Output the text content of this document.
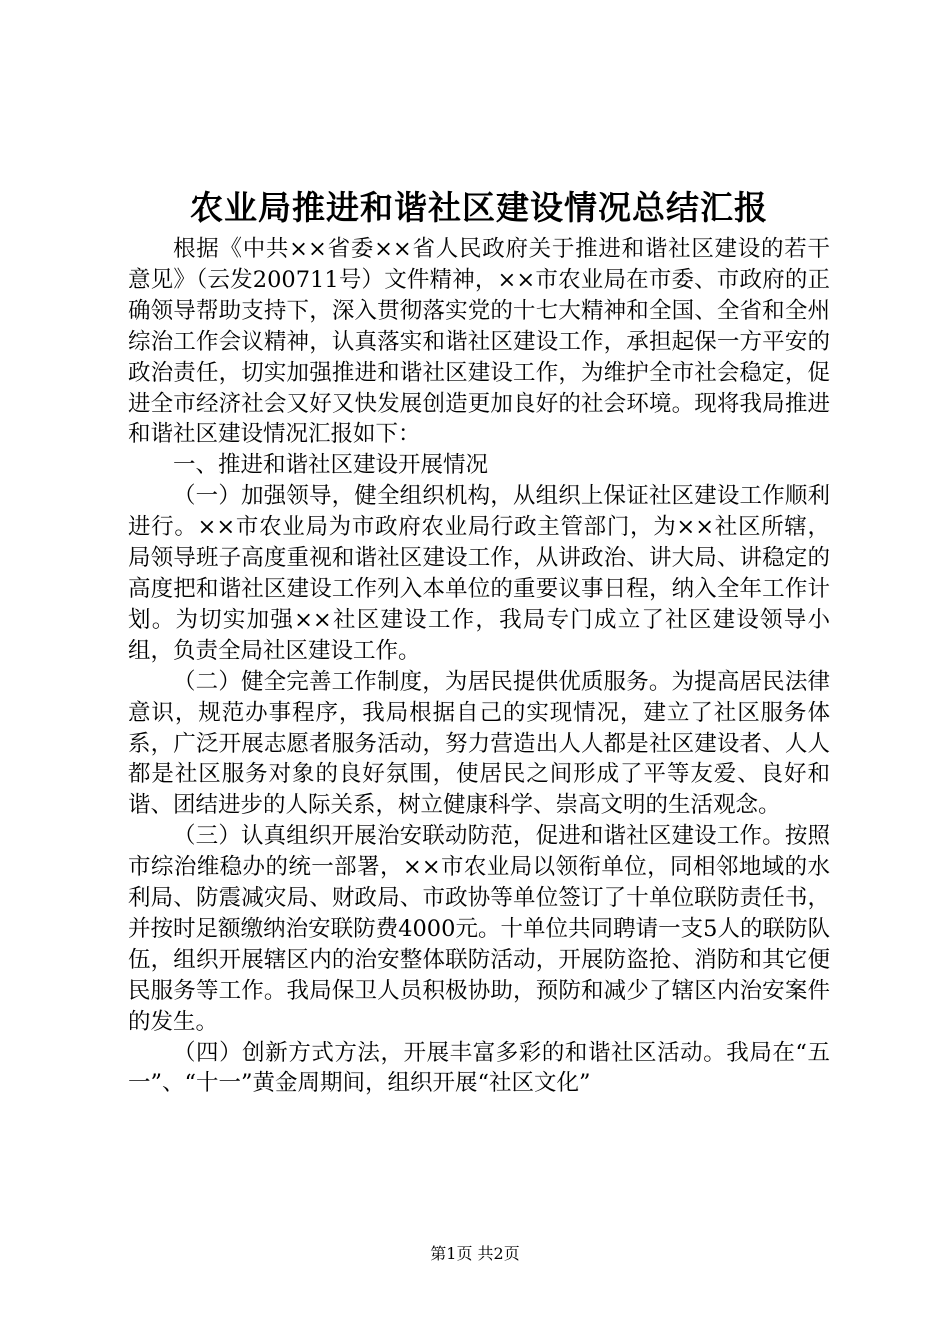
农业局推进和谐社区建设情况总结汇报

根据《中共××省委××省人民政府关于推进和谐社区建设的若干意见》（云发200711号）文件精神，××市农业局在市委、市政府的正确领导帮助支持下，深入贯彻落实党的十七大精神和全国、全省和全州综治工作会议精神，认真落实和谐社区建设工作，承担起保一方平安的政治责任，切实加强推进和谐社区建设工作，为维护全市社会稳定，促进全市经济社会又好又快发展创造更加良好的社会环境。现将我局推进和谐社区建设情况汇报如下：

一、推进和谐社区建设开展情况

（一）加强领导，健全组织机构，从组织上保证社区建设工作顺利进行。××市农业局为市政府农业局行政主管部门，为××社区所辖，局领导班子高度重视和谐社区建设工作，从讲政治、讲大局、讲稳定的高度把和谐社区建设工作列入本单位的重要议事日程，纳入全年工作计划。为切实加强××社区建设工作，我局专门成立了社区建设领导小组，负责全局社区建设工作。

（二）健全完善工作制度，为居民提供优质服务。为提高居民法律意识，规范办事程序，我局根据自己的实现情况，建立了社区服务体系，广泛开展志愿者服务活动，努力营造出人人都是社区建设者、人人都是社区服务对象的良好氛围，使居民之间形成了平等友爱、良好和谐、团结进步的人际关系，树立健康科学、崇高文明的生活观念。

（三）认真组织开展治安联动防范，促进和谐社区建设工作。按照市综治维稳办的统一部署，××市农业局以领衔单位，同相邻地域的水利局、防震减灾局、财政局、市政协等单位签订了十单位联防责任书，并按时足额缴纳治安联防费4000元。十单位共同聘请一支5人的联防队伍，组织开展辖区内的治安整体联防活动，开展防盗抢、消防和其它便民服务等工作。我局保卫人员积极协助，预防和减少了辖区内治安案件的发生。

（四）创新方式方法，开展丰富多彩的和谐社区活动。我局在“五一”、“十一”黄金周期间，组织开展“社区文化”

第1页 共2页
